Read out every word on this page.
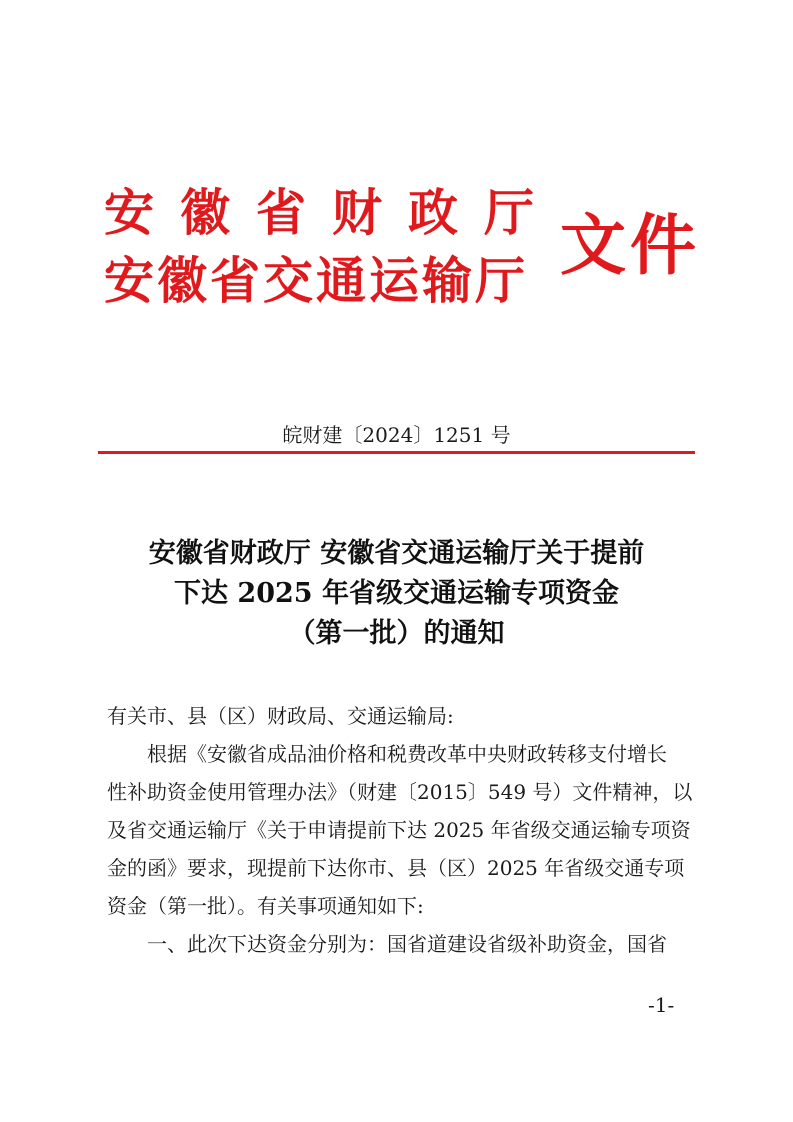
安徽省财政厅
安徽省交通运输厅 文件
皖财建〔2024〕1251 号
安徽省财政厅 安徽省交通运输厅关于提前
下达 2025 年省级交通运输专项资金
（第一批）的通知
有关市、县（区）财政局、交通运输局:
根据《安徽省成品油价格和税费改革中央财政转移支付增长
性补助资金使用管理办法》（财建〔2015〕549 号）文件精神，以
及省交通运输厅《关于申请提前下达 2025 年省级交通运输专项资
金的函》要求，现提前下达你市、县（区）2025 年省级交通专项
资金（第一批）。有关事项通知如下:
一、此次下达资金分别为：国省道建设省级补助资金，国省
-1-
